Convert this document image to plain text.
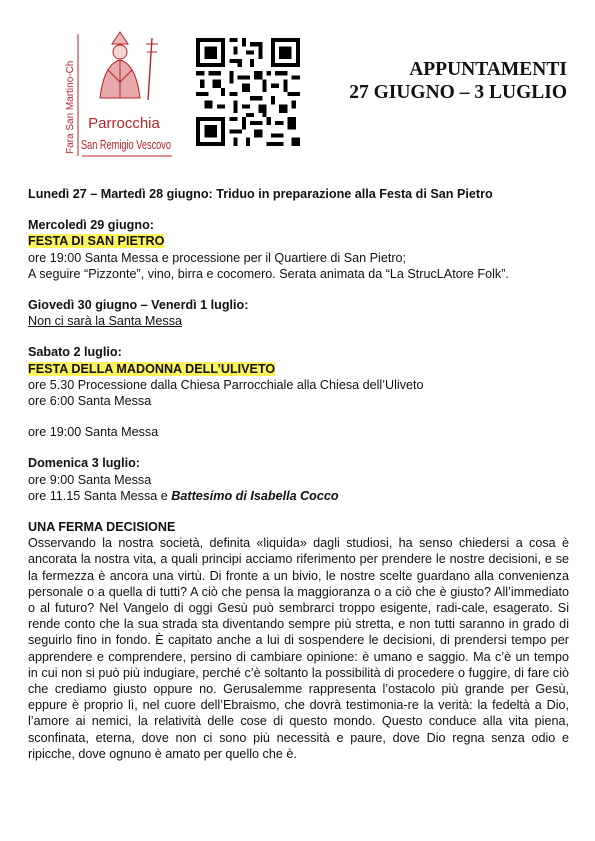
Fara San Martino-Ch Parrocchia
San Remigio Vescovo
APPUNTAMENTI
27 GIUGNO – 3 LUGLIO

Lunedì 27 – Martedì 28 giugno: Triduo in preparazione alla Festa di San Pietro

Mercoledì 29 giugno:

FESTA DI SAN PIETRO

ore 19:00 Santa Messa e processione per il Quartiere di San Pietro;

A seguire “Pizzonte”, vino, birra e cocomero. Serata animata da “La StrucLAtore Folk”.

Giovedì 30 giugno – Venerdì 1 luglio:

Non ci sarà la Santa Messa

Sabato 2 luglio:

FESTA DELLA MADONNA DELL’ULIVETO

ore 5.30 Processione dalla Chiesa Parrocchiale alla Chiesa dell’Uliveto

ore 6:00 Santa Messa

ore 19:00 Santa Messa

Domenica 3 luglio:

ore 9:00 Santa Messa

ore 11.15 Santa Messa e Battesimo di Isabella Cocco

UNA FERMA DECISIONE

Osservando la nostra società, definita «liquida» dagli studiosi, ha senso chiedersi a cosa è ancorata la nostra vita, a quali principi acciamo riferimento per prendere le nostre decisioni, e se la fermezza è ancora una virtù. Di fronte a un bivio, le nostre scelte guardano alla convenienza personale o a quella di tutti? A ciò che pensa la maggioranza o a ciò che è giusto? All’immediato o al futuro? Nel Vangelo di oggi Gesù può sembrarci troppo esigente, radi-cale, esagerato. Si rende conto che la sua strada sta diventando sempre più stretta, e non tutti saranno in grado di seguirlo fino in fondo. È capitato anche a lui di sospendere le decisioni, di prendersi tempo per apprendere e comprendere, persino di cambiare opinione: è umano e saggio. Ma c’è un tempo in cui non si può più indugiare, perché c’è soltanto la possibilità di procedere o fuggire, di fare ciò che crediamo giusto oppure no. Gerusalemme rappresenta l’ostacolo più grande per Gesù, eppure è proprio lì, nel cuore dell’Ebraismo, che dovrà testimonia-re la verità: la fedeltà a Dio, l’amore ai nemici, la relatività delle cose di questo mondo. Questo conduce alla vita piena, sconfinata, eterna, dove non ci sono più necessità e paure, dove Dio regna senza odio e ripicche, dove ognuno è amato per quello che è.
